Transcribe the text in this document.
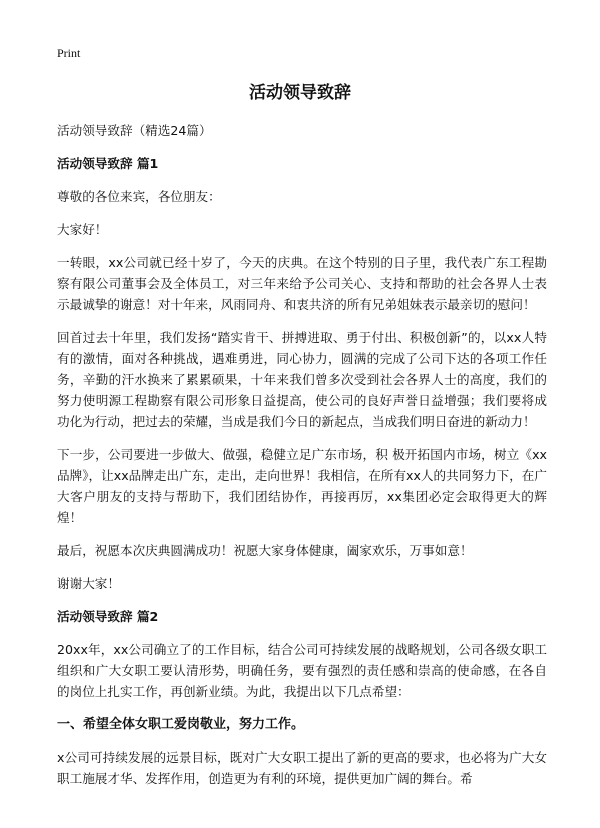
Print
活动领导致辞

活动领导致辞（精选24篇）

活动领导致辞 篇1

尊敬的各位来宾，各位朋友：

大家好！

一转眼，xx公司就已经十岁了，今天的庆典。在这个特别的日子里，我代表广东工程勘察有限公司董事会及全体员工，对三年来给予公司关心、支持和帮助的社会各界人士表示最诚挚的谢意！对十年来，风雨同舟、和衷共济的所有兄弟姐妹表示最亲切的慰问！

回首过去十年里，我们发扬“踏实肯干、拼搏进取、勇于付出、积极创新”的，以xx人特有的激情，面对各种挑战，遇难勇进，同心协力，圆满的完成了公司下达的各项工作任务，辛勤的汗水换来了累累硕果，十年来我们曾多次受到社会各界人士的高度，我们的努力使明源工程勘察有限公司形象日益提高，使公司的良好声誉日益增强；我们要将成功化为行动，把过去的荣耀，当成是我们今日的新起点，当成我们明日奋进的新动力！

下一步，公司要进一步做大、做强，稳健立足广东市场，积 极开拓国内市场，树立《xx品牌》，让xx品牌走出广东，走出，走向世界！我相信，在所有xx人的共同努力下，在广大客户朋友的支持与帮助下，我们团结协作，再接再厉，xx集团必定会取得更大的辉煌！

最后，祝愿本次庆典圆满成功！祝愿大家身体健康，阖家欢乐，万事如意！

谢谢大家！

活动领导致辞 篇2

20xx年，xx公司确立了的工作目标，结合公司可持续发展的战略规划，公司各级女职工组织和广大女职工要认清形势，明确任务，要有强烈的责任感和崇高的使命感，在各自的岗位上扎实工作，再创新业绩。为此，我提出以下几点希望：

一、希望全体女职工爱岗敬业，努力工作。

x公司可持续发展的远景目标，既对广大女职工提出了新的更高的要求，也必将为广大女职工施展才华、发挥作用，创造更为有利的环境，提供更加广阔的舞台。希
